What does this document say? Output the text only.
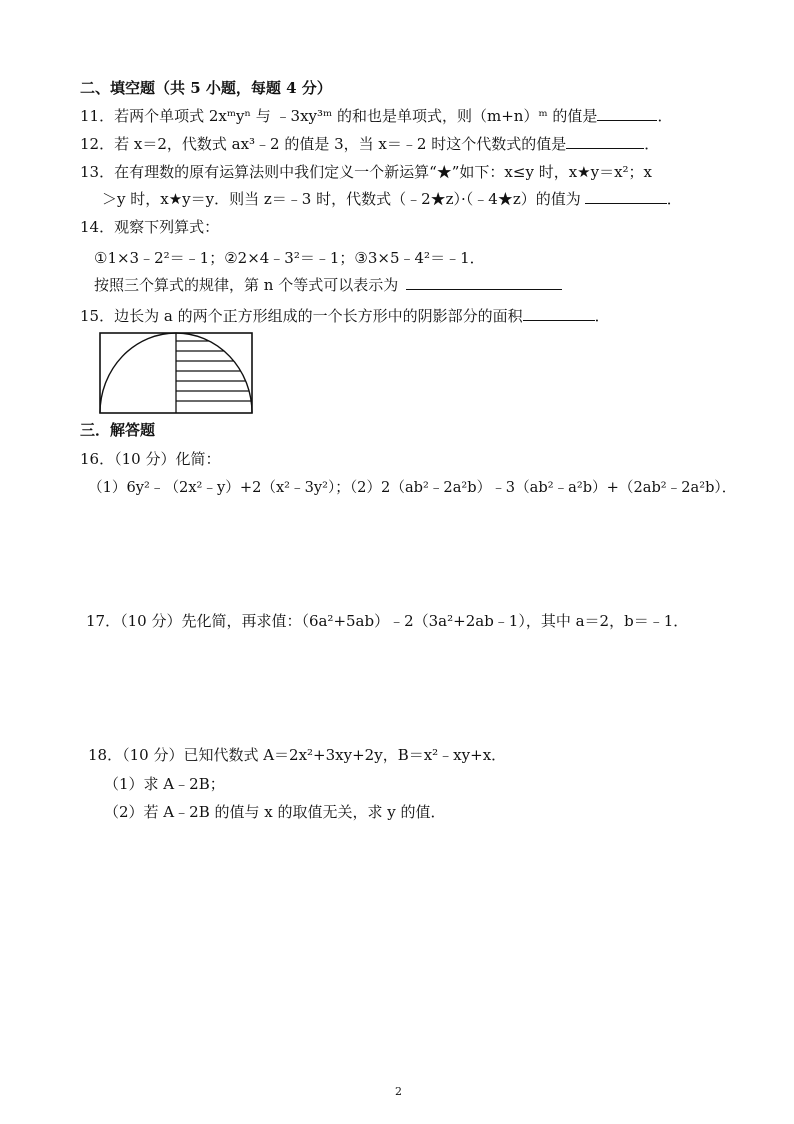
二、填空题（共 5 小题，每题 4 分）
11．若两个单项式 2xᵐyⁿ 与 ﹣3xy³ᵐ 的和也是单项式，则（m+n）ᵐ 的值是	．
12．若 x＝2，代数式 ax³﹣2 的值是 3，当 x＝﹣2 时这个代数式的值是	．
13．在有理数的原有运算法则中我们定义一个新运算“★”如下：x≤y 时，x★y＝x²；x
＞y 时，x★y＝y．则当 z＝﹣3 时，代数式（﹣2★z）·（﹣4★z）的值为	．
14．观察下列算式：
①1×3﹣2²＝﹣1；②2×4﹣3²＝﹣1；③3×5﹣4²＝﹣1．
按照三个算式的规律，第 n 个等式可以表示为
15．边长为 a 的两个正方形组成的一个长方形中的阴影部分的面积	．
三．解答题
16．（10 分）化简：
（1）6y²﹣（2x²﹣y）+2（x²﹣3y²）；（2）2（ab²﹣2a²b）﹣3（ab²﹣a²b）+（2ab²﹣2a²b）．
17．（10 分）先化简，再求值：（6a²+5ab）﹣2（3a²+2ab﹣1），其中 a＝2，b＝﹣1．
18．（10 分）已知代数式 A＝2x²+3xy+2y，B＝x²﹣xy+x．
（1）求 A﹣2B；
（2）若 A﹣2B 的值与 x 的取值无关，求 y 的值．
2
